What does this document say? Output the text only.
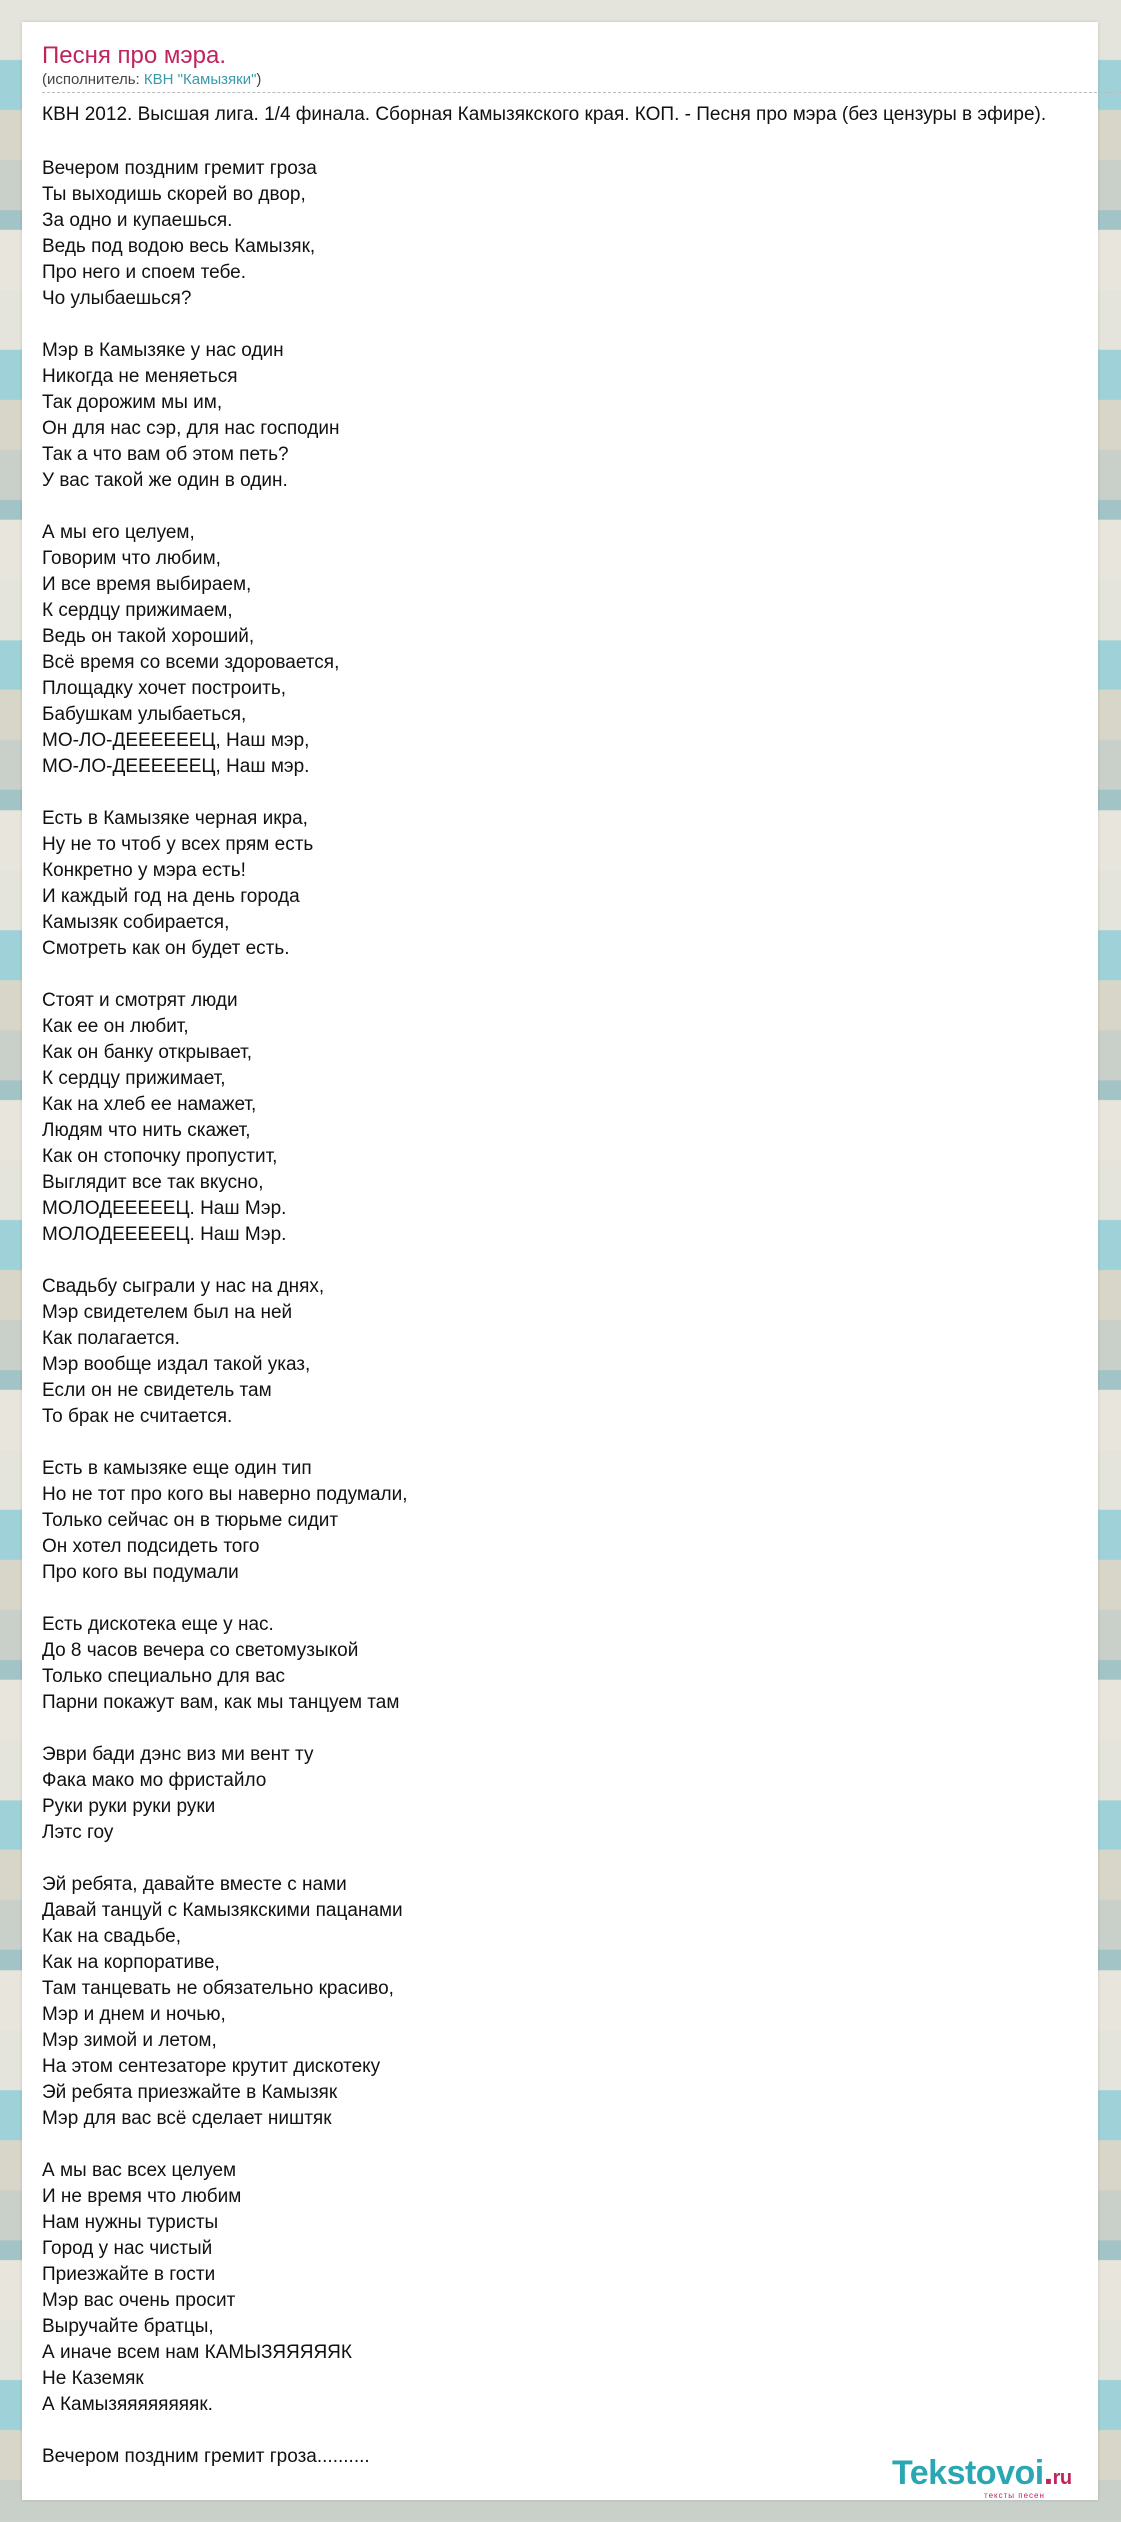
Песня про мэра.
(исполнитель: КВН "Камызяки")
КВН 2012. Высшая лига. 1/4 финала. Сборная Камызякского края. КОП. - Песня про мэра (без цензуры в эфире).
Вечером поздним гремит гроза
Ты выходишь скорей во двор,
За одно и купаешься.
Ведь под водою весь Камызяк,
Про него и споем тебе.
Чо улыбаешься?
Мэр в Камызяке у нас один
Никогда не меняеться
Так дорожим мы им,
Он для нас сэр, для нас господин
Так а что вам об этом петь?
У вас такой же один в один.
А мы его целуем,
Говорим что любим,
И все время выбираем,
К сердцу прижимаем,
Ведь он такой хороший,
Всё время со всеми здоровается,
Площадку хочет построить,
Бабушкам улыбаеться,
МО-ЛО-ДЕЕЕЕЕЕЦ, Наш мэр,
МО-ЛО-ДЕЕЕЕЕЕЦ, Наш мэр.
Есть в Камызяке черная икра,
Ну не то чтоб у всех прям есть
Конкретно у мэра есть!
И каждый год на день города
Камызяк собирается,
Смотреть как он будет есть.
Стоят и смотрят люди
Как ее он любит,
Как он банку открывает,
К сердцу прижимает,
Как на хлеб ее намажет,
Людям что нить скажет,
Как он стопочку пропустит,
Выглядит все так вкусно,
МОЛОДЕЕЕЕЕЦ. Наш Мэр.
МОЛОДЕЕЕЕЕЦ. Наш Мэр.
Свадьбу сыграли у нас на днях,
Мэр свидетелем был на ней
Как полагается.
Мэр вообще издал такой указ,
Если он не свидетель там
То брак не считается.
Есть в камызяке еще один тип
Но не тот про кого вы наверно подумали,
Только сейчас он в тюрьме сидит
Он хотел подсидеть того
Про кого вы подумали
Есть дискотека еще у нас.
До 8 часов вечера со светомузыкой
Только специально для вас
Парни покажут вам, как мы танцуем там
Эври бади дэнс виз ми вент ту
Фака мако мо фристайло
Руки руки руки руки
Лэтс гоу
Эй ребята, давайте вместе с нами
Давай танцуй с Камызякскими пацанами
Как на свадьбе,
Как на корпоративе,
Там танцевать не обязательно красиво,
Мэр и днем и ночью,
Мэр зимой и летом,
На этом сентезаторе крутит дискотеку
Эй ребята приезжайте в Камызяк
Мэр для вас всё сделает ништяк
А мы вас всех целуем
И не время что любим
Нам нужны туристы
Город у нас чистый
Приезжайте в гости
Мэр вас очень просит
Выручайте братцы,
А иначе всем нам КАМЫЗЯЯЯЯЯК
Не Каземяк
А Камызяяяяяяяяк.
Вечером поздним гремит гроза..........	Tekstovoi.ru
тексты песен
